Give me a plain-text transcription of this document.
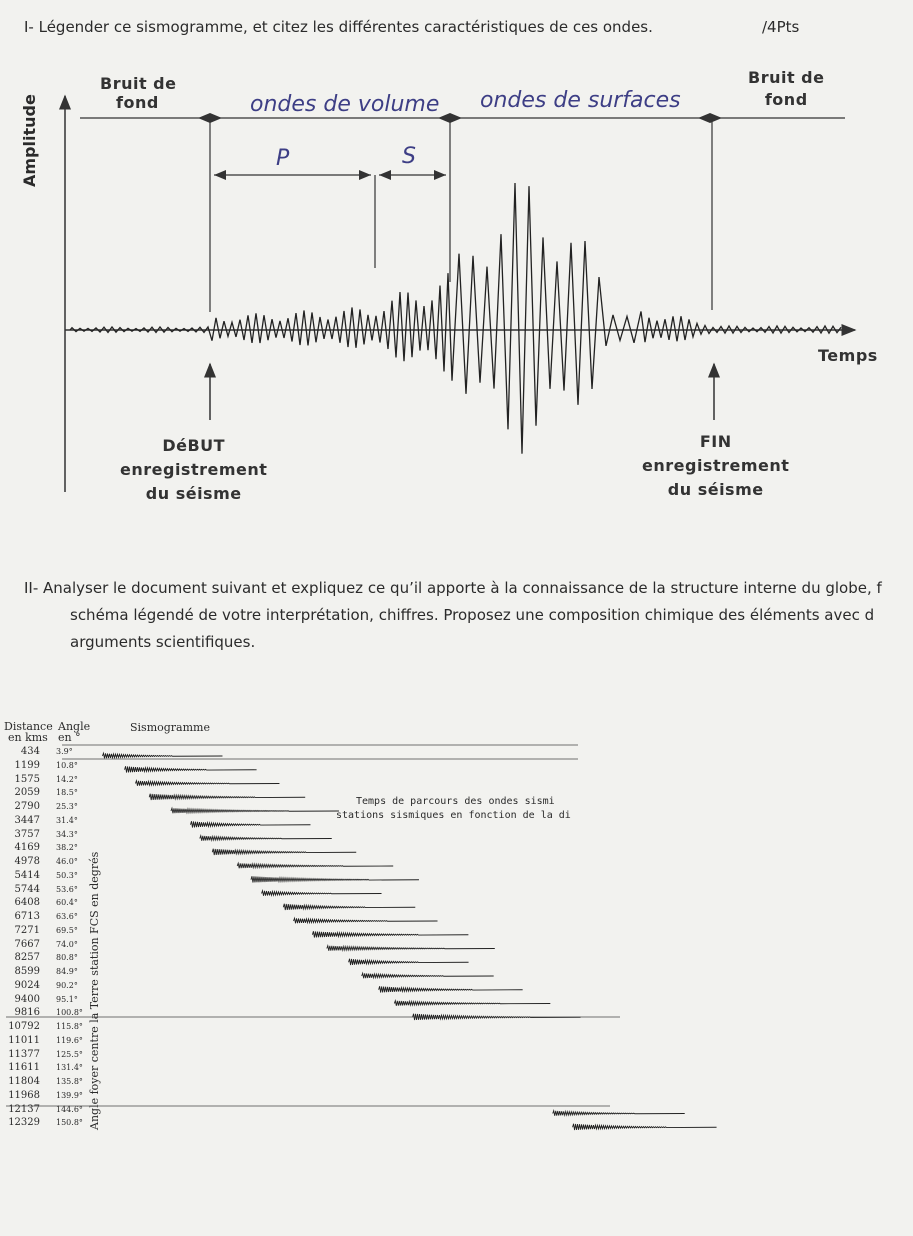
I- Légender ce sismogramme, et citez les différentes caractéristiques de ces ondes.	/4Pts
Amplitude
Bruit de
fond
Bruit de
fond
Temps
DéBUT
enregistrement
du séisme
FIN
enregistrement
du séisme
ondes de volume ondes de surfaces
P	S
II- Analyser le document suivant et expliquez ce qu’il apporte à la connaissance de la structure interne du globe, f
schéma légendé de votre interprétation, chiffres. Proposez une composition chimique des éléments avec d
arguments scientifiques.
Distance
en kms
Angle
en °
Sismogramme
Angle foyer centre la Terre station FCS en degrés
Temps de parcours des ondes sismi
stations sismiques en fonction de la di
434 3.9°
1199 10.8°
1575 14.2°
2059 18.5°
2790 25.3°
3447 31.4°
3757 34.3°
4169 38.2°
4978 46.0°
5414 50.3°
5744 53.6°
6408 60.4°
6713 63.6°
7271 69.5°
7667 74.0°
8257 80.8°
8599 84.9°
9024 90.2°
9400 95.1°
9816 100.8°
10792 115.8°
11011 119.6°
11377 125.5°
11611 131.4°
11804 135.8°
11968 139.9°
12137 144.6°
12329 150.8°
